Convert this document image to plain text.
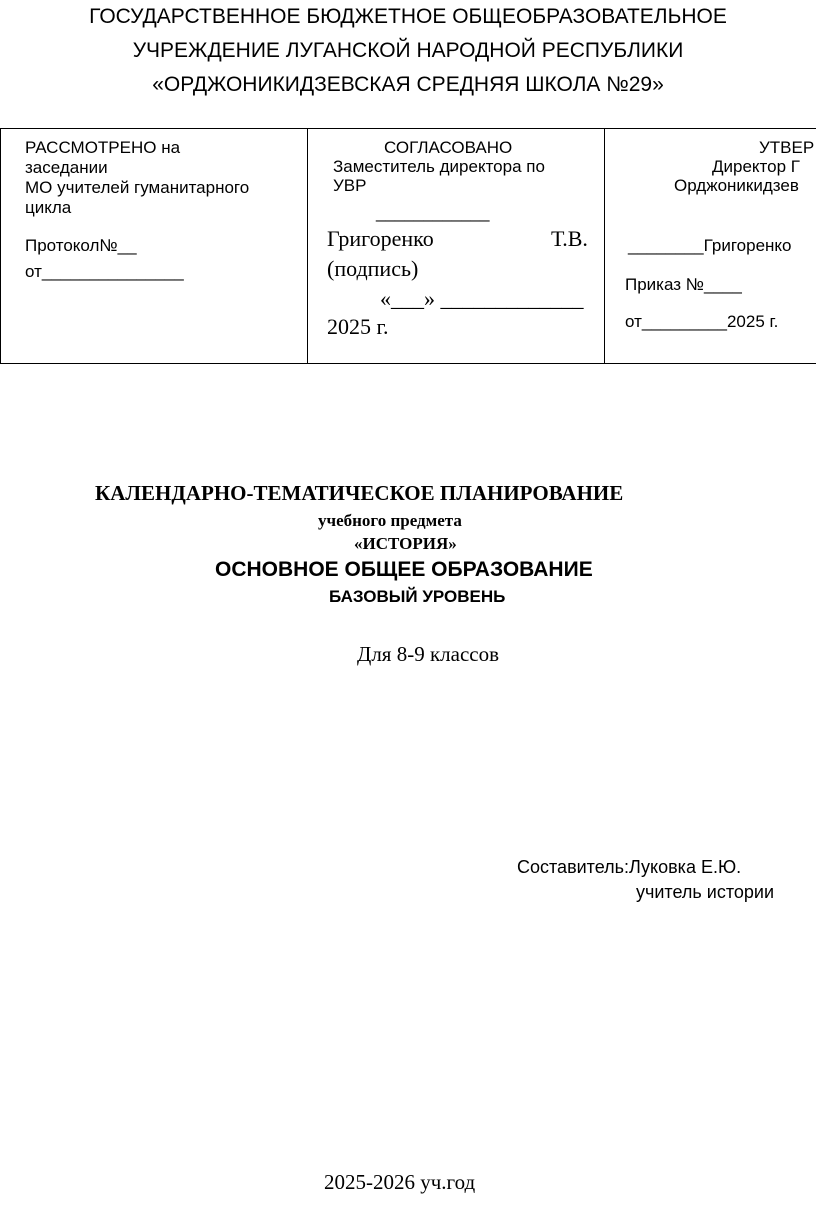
ГОСУДАРСТВЕННОЕ БЮДЖЕТНОЕ ОБЩЕОБРАЗОВАТЕЛЬНОЕ
УЧРЕЖДЕНИЕ ЛУГАНСКОЙ НАРОДНОЙ РЕСПУБЛИКИ
«ОРДЖОНИКИДЗЕВСКАЯ СРЕДНЯЯ ШКОЛА №29»
РАССМОТРЕНО на
заседании
МО учителей гуманитарного
цикла
Протокол№__
от_______________
СОГЛАСОВАНО
Заместитель директора по
УВР
____________
Григоренко	Т.В.
(подпись)
«___» _____________
2025 г.
УТВЕР
Директор Г
Орджоникидзев
________Григоренко
Приказ №____
от_________2025 г.
КАЛЕНДАРНО-ТЕМАТИЧЕСКОЕ ПЛАНИРОВАНИЕ
учебного предмета
«ИСТОРИЯ»
ОСНОВНОЕ ОБЩЕЕ ОБРАЗОВАНИЕ
БАЗОВЫЙ УРОВЕНЬ
Для 8-9 классов
Составитель:Луковка Е.Ю.
учитель истории
2025-2026 уч.год
